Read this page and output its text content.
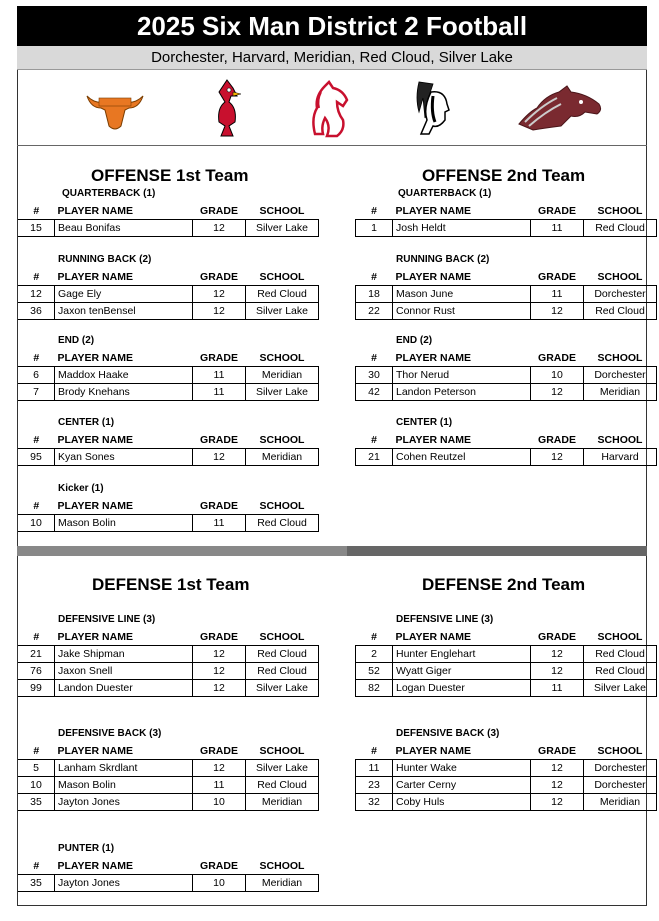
2025 Six Man District 2 Football
Dorchester, Harvard, Meridian, Red Cloud, Silver Lake
OFFENSE 1st Team	OFFENSE 2nd Team
DEFENSE 1st Team	DEFENSE 2nd Team
QUARTERBACK (1)
#	PLAYER NAME	GRADE	SCHOOL
15	Beau Bonifas	12	Silver Lake
RUNNING BACK (2)
#	PLAYER NAME	GRADE	SCHOOL
12	Gage Ely	12	Red Cloud
36	Jaxon tenBensel	12	Silver Lake
END (2)
#	PLAYER NAME	GRADE	SCHOOL
6	Maddox Haake	11	Meridian
7	Brody Knehans	11	Silver Lake
CENTER (1)
#	PLAYER NAME	GRADE	SCHOOL
95	Kyan Sones	12	Meridian
Kicker (1)
#	PLAYER NAME	GRADE	SCHOOL
10	Mason Bolin	11	Red Cloud
QUARTERBACK (1)
#	PLAYER NAME	GRADE	SCHOOL
1	Josh Heldt	11	Red Cloud
RUNNING BACK (2)
#	PLAYER NAME	GRADE	SCHOOL
18	Mason June	11	Dorchester
22	Connor Rust	12	Red Cloud
END (2)
#	PLAYER NAME	GRADE	SCHOOL
30	Thor Nerud	10	Dorchester
42	Landon Peterson	12	Meridian
CENTER (1)
#	PLAYER NAME	GRADE	SCHOOL
21	Cohen Reutzel	12	Harvard
DEFENSIVE LINE (3)
#	PLAYER NAME	GRADE	SCHOOL
21	Jake Shipman	12	Red Cloud
76	Jaxon Snell	12	Red Cloud
99	Landon Duester	12	Silver Lake
DEFENSIVE BACK (3)
#	PLAYER NAME	GRADE	SCHOOL
5	Lanham Skrdlant	12	Silver Lake
10	Mason Bolin	11	Red Cloud
35	Jayton Jones	10	Meridian
PUNTER (1)
#	PLAYER NAME	GRADE	SCHOOL
35	Jayton Jones	10	Meridian
DEFENSIVE LINE (3)
#	PLAYER NAME	GRADE	SCHOOL
2	Hunter Englehart	12	Red Cloud
52	Wyatt Giger	12	Red Cloud
82	Logan Duester	11	Silver Lake
DEFENSIVE BACK (3)
#	PLAYER NAME	GRADE	SCHOOL
11	Hunter Wake	12	Dorchester
23	Carter Cerny	12	Dorchester
32	Coby Huls	12	Meridian
